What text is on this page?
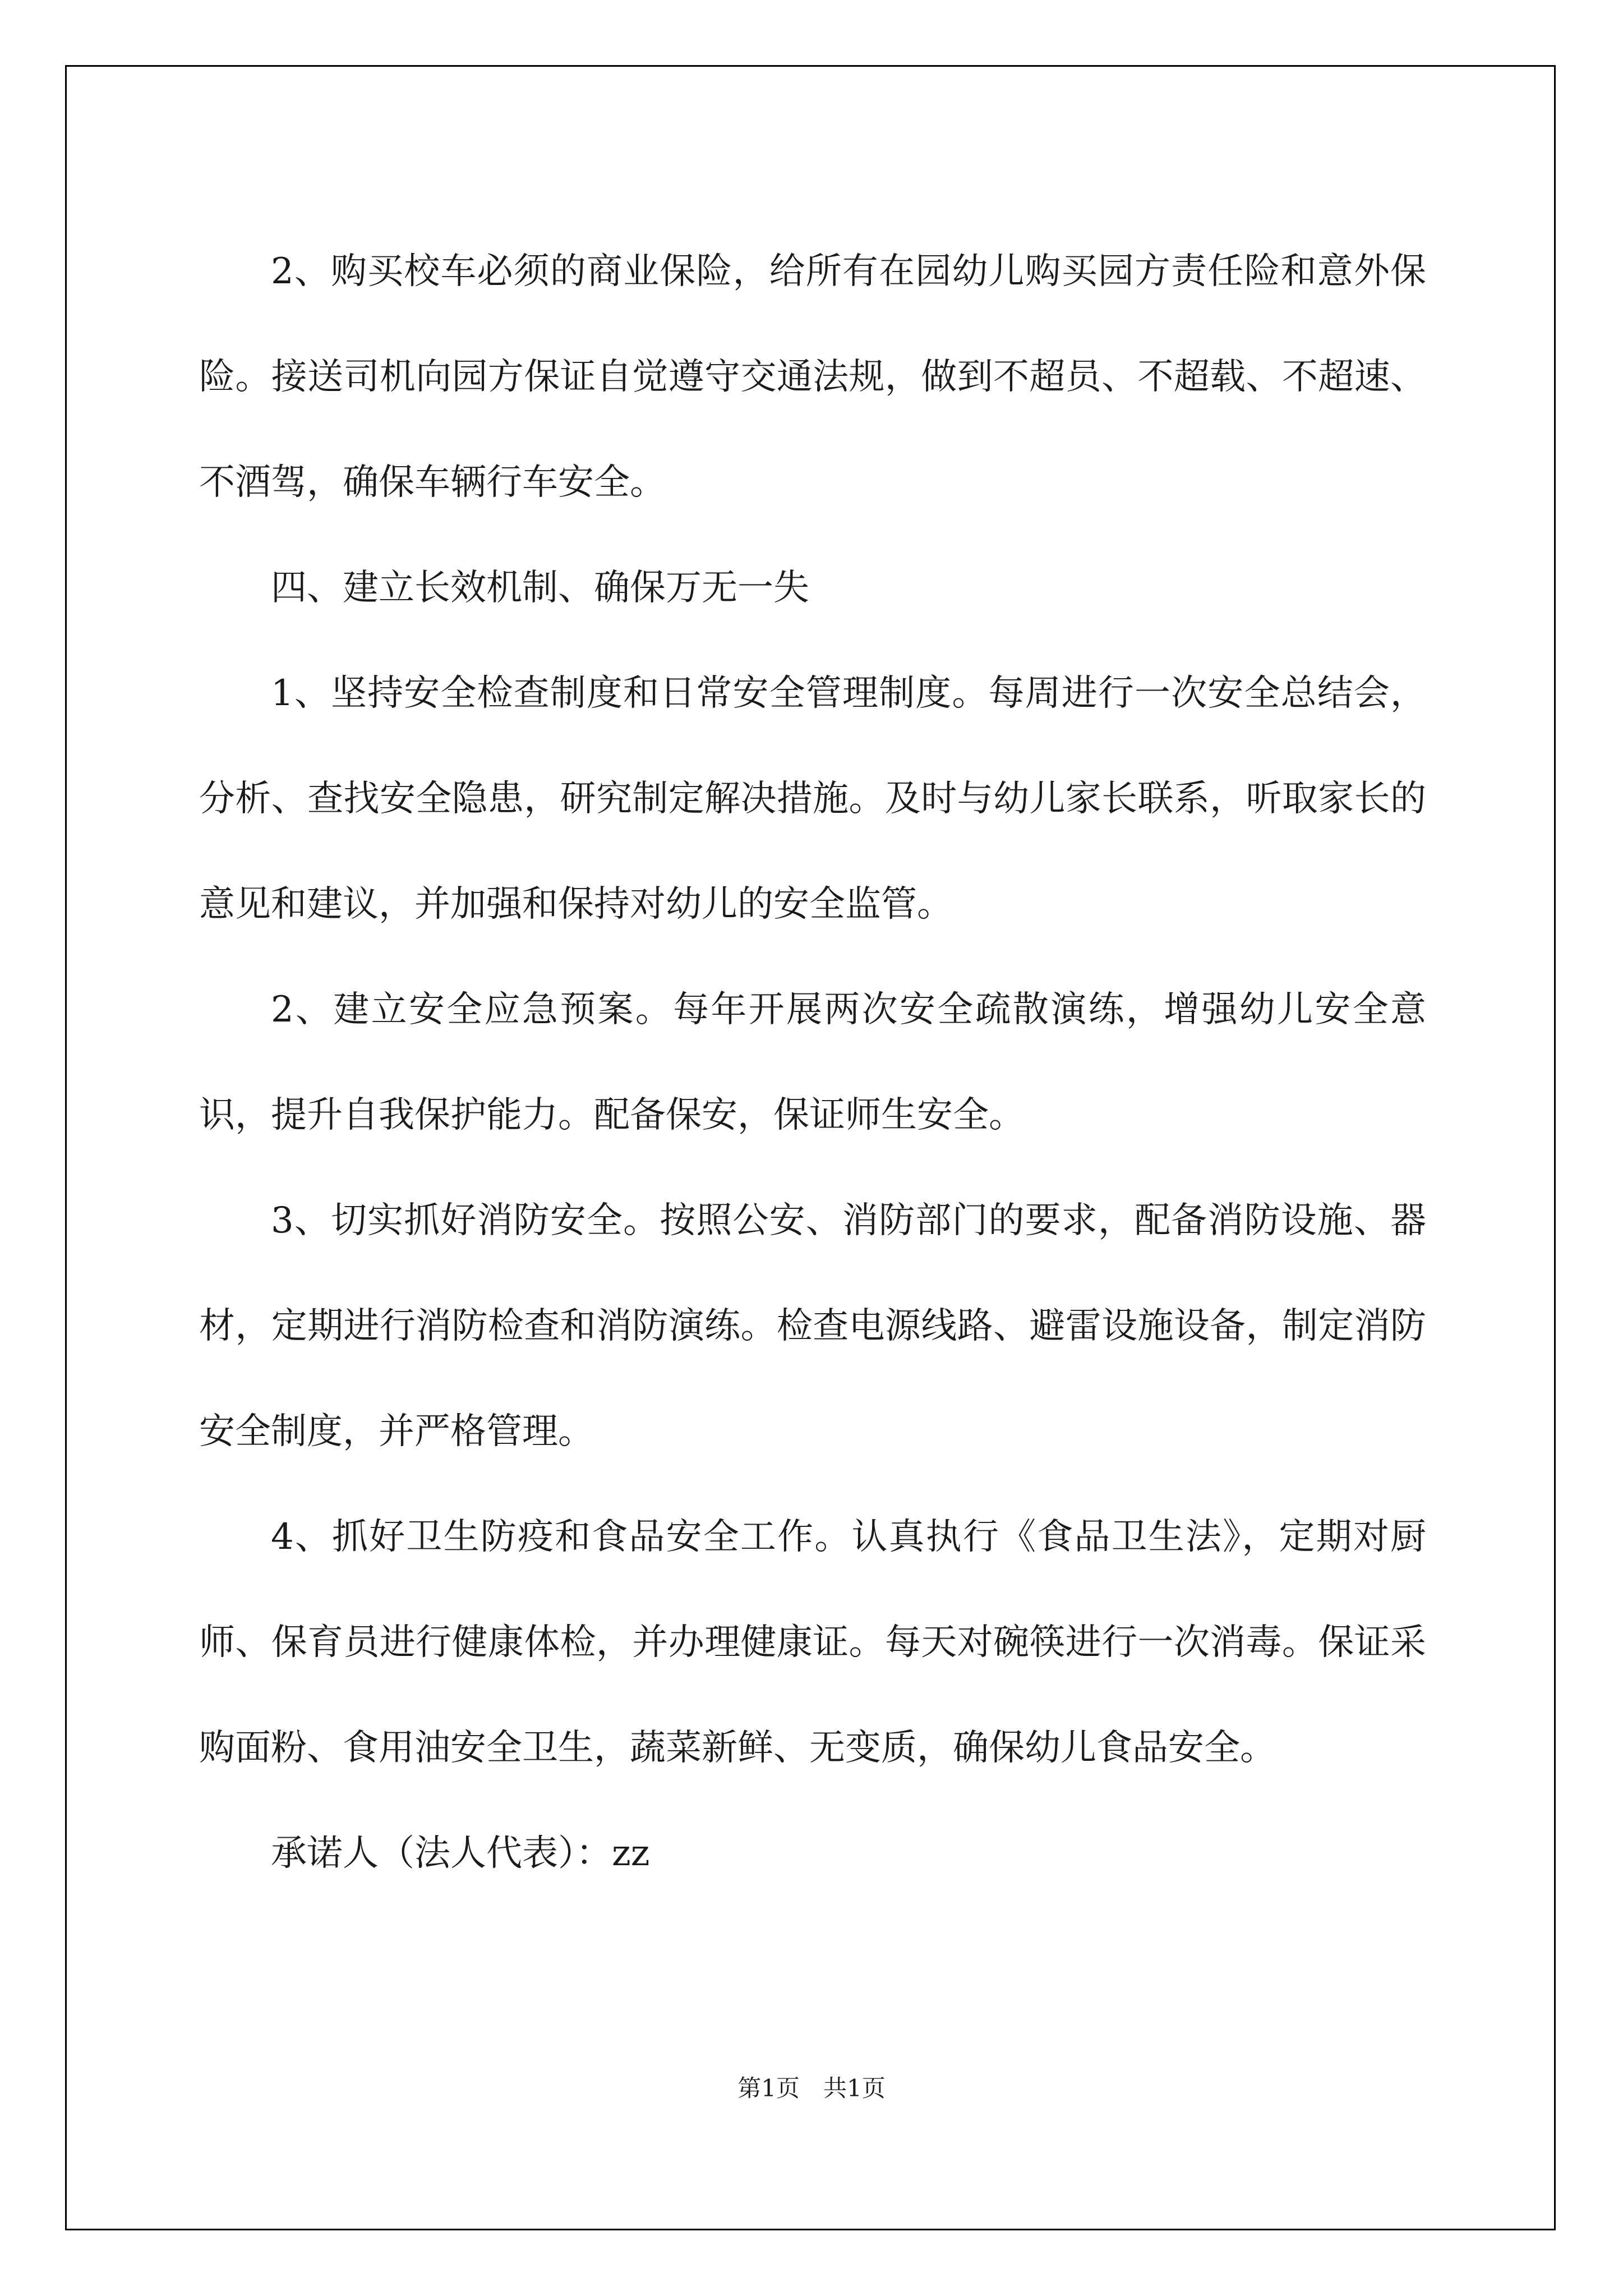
2、购买校车必须的商业保险，给所有在园幼儿购买园方责任险和意外保险。接送司机向园方保证自觉遵守交通法规，做到不超员、不超载、不超速、不酒驾，确保车辆行车安全。

四、建立长效机制、确保万无一失

1、坚持安全检查制度和日常安全管理制度。每周进行一次安全总结会，分析、查找安全隐患，研究制定解决措施。及时与幼儿家长联系，听取家长的意见和建议，并加强和保持对幼儿的安全监管。

2、建立安全应急预案。每年开展两次安全疏散演练，增强幼儿安全意识，提升自我保护能力。配备保安，保证师生安全。

3、切实抓好消防安全。按照公安、消防部门的要求，配备消防设施、器材，定期进行消防检查和消防演练。检查电源线路、避雷设施设备，制定消防安全制度，并严格管理。

4、抓好卫生防疫和食品安全工作。认真执行《食品卫生法》，定期对厨师、保育员进行健康体检，并办理健康证。每天对碗筷进行一次消毒。保证采购面粉、食用油安全卫生，蔬菜新鲜、无变质，确保幼儿食品安全。

承诺人（法人代表）：zz

第1页　共1页
